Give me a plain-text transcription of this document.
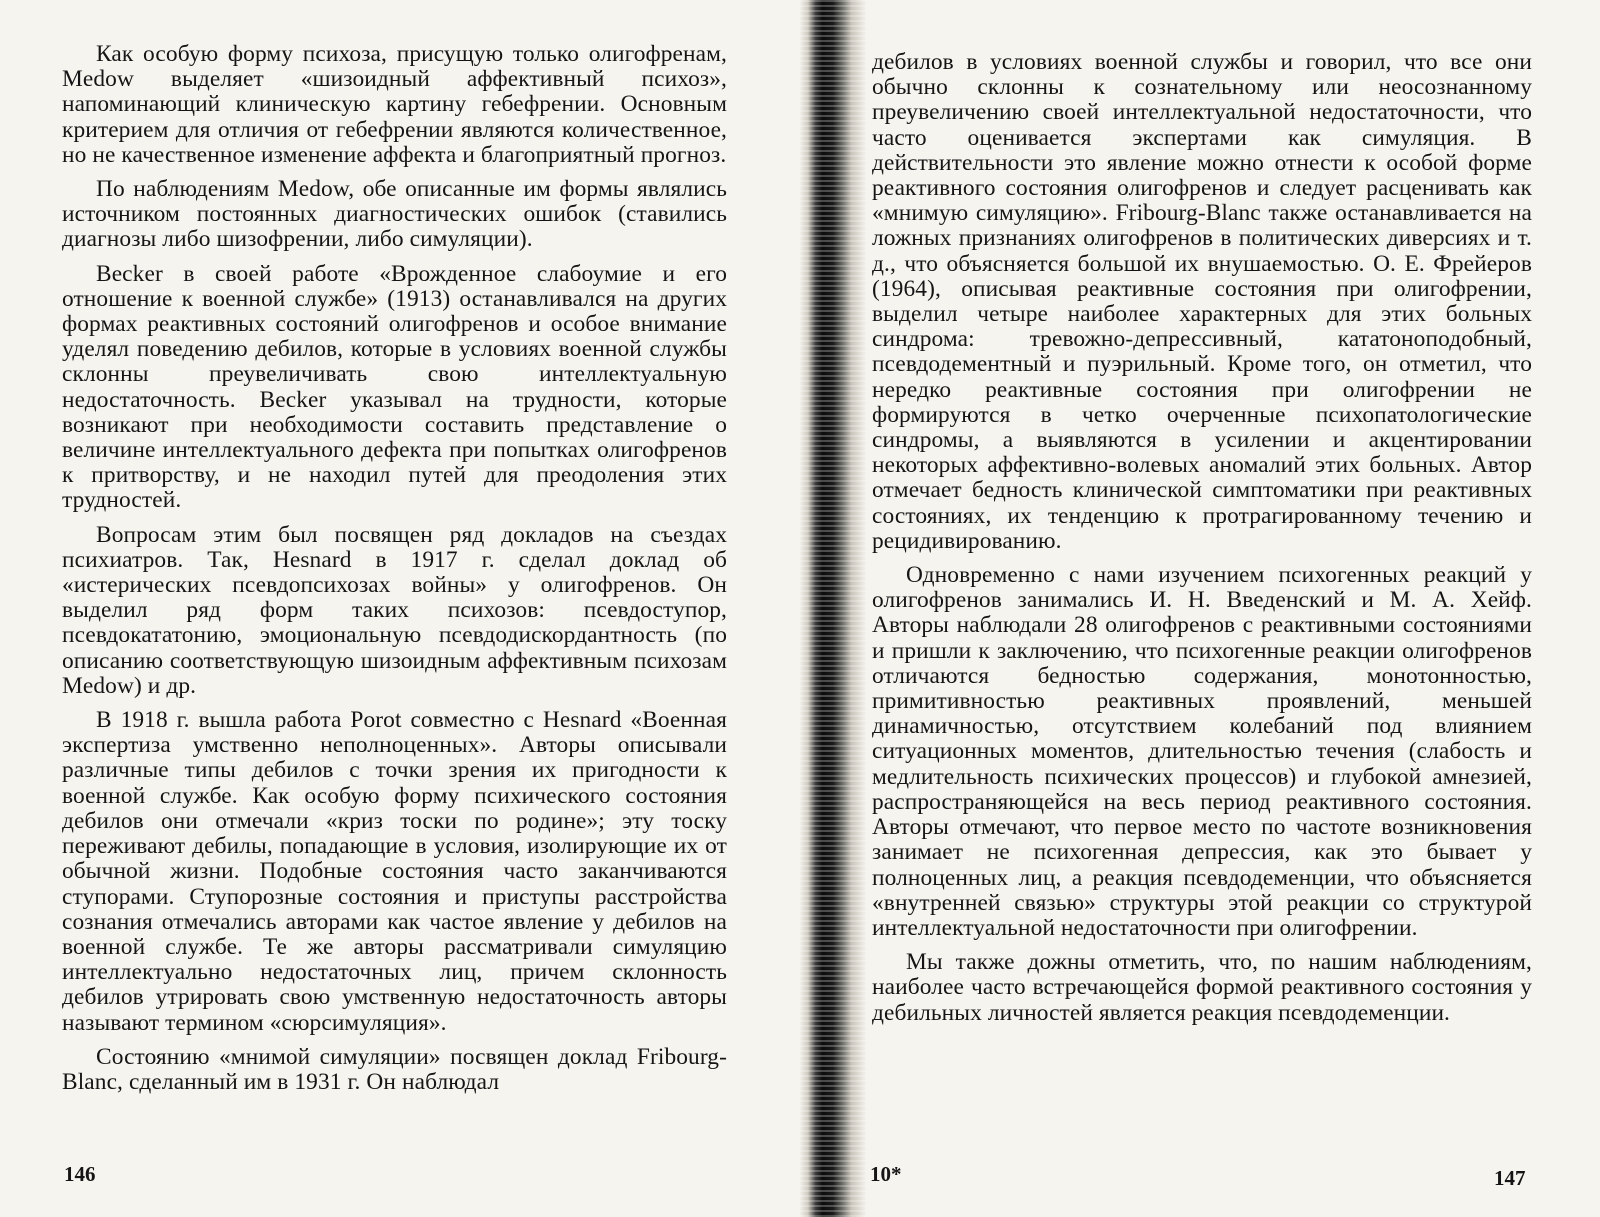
Как особую форму психоза, присущую только олигофренам, Medow выделяет «шизоидный аффективный психоз», напоминающий клиническую картину гебефрении. Основным критерием для отличия от гебефрении являются количественное, но не качественное изменение аффекта и благоприятный прогноз.

По наблюдениям Medow, обе описанные им формы являлись источником постоянных диагностических ошибок (ставились диагнозы либо шизофрении, либо симуляции).

Becker в своей работе «Врожденное слабоумие и его отношение к военной службе» (1913) останавливался на других формах реактивных состояний олигофренов и особое внимание уделял поведению дебилов, которые в условиях военной службы склонны преувеличивать свою интеллектуальную недостаточность. Becker указывал на трудности, которые возникают при необходимости составить представление о величине интеллектуального дефекта при попытках олигофренов к притворству, и не находил путей для преодоления этих трудностей.

Вопросам этим был посвящен ряд докладов на съездах психиатров. Так, Hesnard в 1917 г. сделал доклад об «истерических псевдопсихозах войны» у олигофренов. Он выделил ряд форм таких психозов: псевдоступор, псевдокататонию, эмоциональную псевдодискордантность (по описанию соответствующую шизоидным аффективным психозам Medow) и др.

В 1918 г. вышла работа Porot совместно с Hesnard «Военная экспертиза умственно неполноценных». Авторы описывали различные типы дебилов с точки зрения их пригодности к военной службе. Как особую форму психического состояния дебилов они отмечали «криз тоски по родине»; эту тоску переживают дебилы, попадающие в условия, изолирующие их от обычной жизни. Подобные состояния часто заканчиваются ступорами. Ступорозные состояния и приступы расстройства сознания отмечались авторами как частое явление у дебилов на военной службе. Те же авторы рассматривали симуляцию интеллектуально недостаточных лиц, причем склонность дебилов утрировать свою умственную недостаточность авторы называют термином «сюрсимуляция».

Состоянию «мнимой симуляции» посвящен доклад Fribourg-Blanc, сделанный им в 1931 г. Он наблюдал

146

дебилов в условиях военной службы и говорил, что все они обычно склонны к сознательному или неосознанному преувеличению своей интеллектуальной недостаточности, что часто оценивается экспертами как симуляция. В действительности это явление можно отнести к особой форме реактивного состояния олигофренов и следует расценивать как «мнимую симуляцию». Fribourg-Blanc также останавливается на ложных признаниях олигофренов в политических диверсиях и т. д., что объясняется большой их внушаемостью. О. Е. Фрейеров (1964), описывая реактивные состояния при олигофрении, выделил четыре наиболее характерных для этих больных синдрома: тревожно-депрессивный, кататоноподобный, псевдодементный и пуэрильный. Кроме того, он отметил, что нередко реактивные состояния при олигофрении не формируются в четко очерченные психопатологические синдромы, а выявляются в усилении и акцентировании некоторых аффективно-волевых аномалий этих больных. Автор отмечает бедность клинической симптоматики при реактивных состояниях, их тенденцию к протрагированному течению и рецидивированию.

Одновременно с нами изучением психогенных реакций у олигофренов занимались И. Н. Введенский и М. А. Хейф. Авторы наблюдали 28 олигофренов с реактивными состояниями и пришли к заключению, что психогенные реакции олигофренов отличаются бедностью содержания, монотонностью, примитивностью реактивных проявлений, меньшей динамичностью, отсутствием колебаний под влиянием ситуационных моментов, длительностью течения (слабость и медлительность психических процессов) и глубокой амнезией, распространяющейся на весь период реактивного состояния. Авторы отмечают, что первое место по частоте возникновения занимает не психогенная депрессия, как это бывает у полноценных лиц, а реакция псевдодеменции, что объясняется «внутренней связью» структуры этой реакции со структурой интеллектуальной недостаточности при олигофрении.

Мы также дожны отметить, что, по нашим наблюдениям, наиболее часто встречающейся формой реактивного состояния у дебильных личностей является реакция псевдодеменции.

10*	147
